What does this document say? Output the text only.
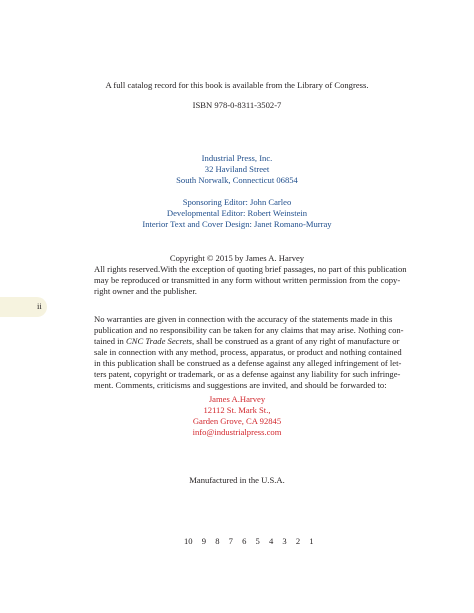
A full catalog record for this book is available from the Library of Congress.
ISBN 978-0-8311-3502-7
Industrial Press, Inc.
32 Haviland Street
South Norwalk, Connecticut 06854
Sponsoring Editor: John Carleo
Developmental Editor: Robert Weinstein
Interior Text and Cover Design: Janet Romano-Murray
Copyright © 2015 by James A. Harvey
All rights reserved.With the exception of quoting brief passages, no part of this publication
may be reproduced or transmitted in any form without written permission from the copy-
right owner and the publisher.
ii
No warranties are given in connection with the accuracy of the statements made in this
publication and no responsibility can be taken for any claims that may arise. Nothing con-
tained in CNC Trade Secrets, shall be construed as a grant of any right of manufacture or
sale in connection with any method, process, apparatus, or product and nothing contained
in this publication shall be construed as a defense against any alleged infringement of let-
ters patent, copyright or trademark, or as a defense against any liability for such infringe-
ment. Comments, criticisms and suggestions are invited, and should be forwarded to:
James A.Harvey
12112 St. Mark St.,
Garden Grove, CA 92845
info@industrialpress.com
Manufactured in the U.S.A.
10 9 8 7 6 5 4 3 2 1
